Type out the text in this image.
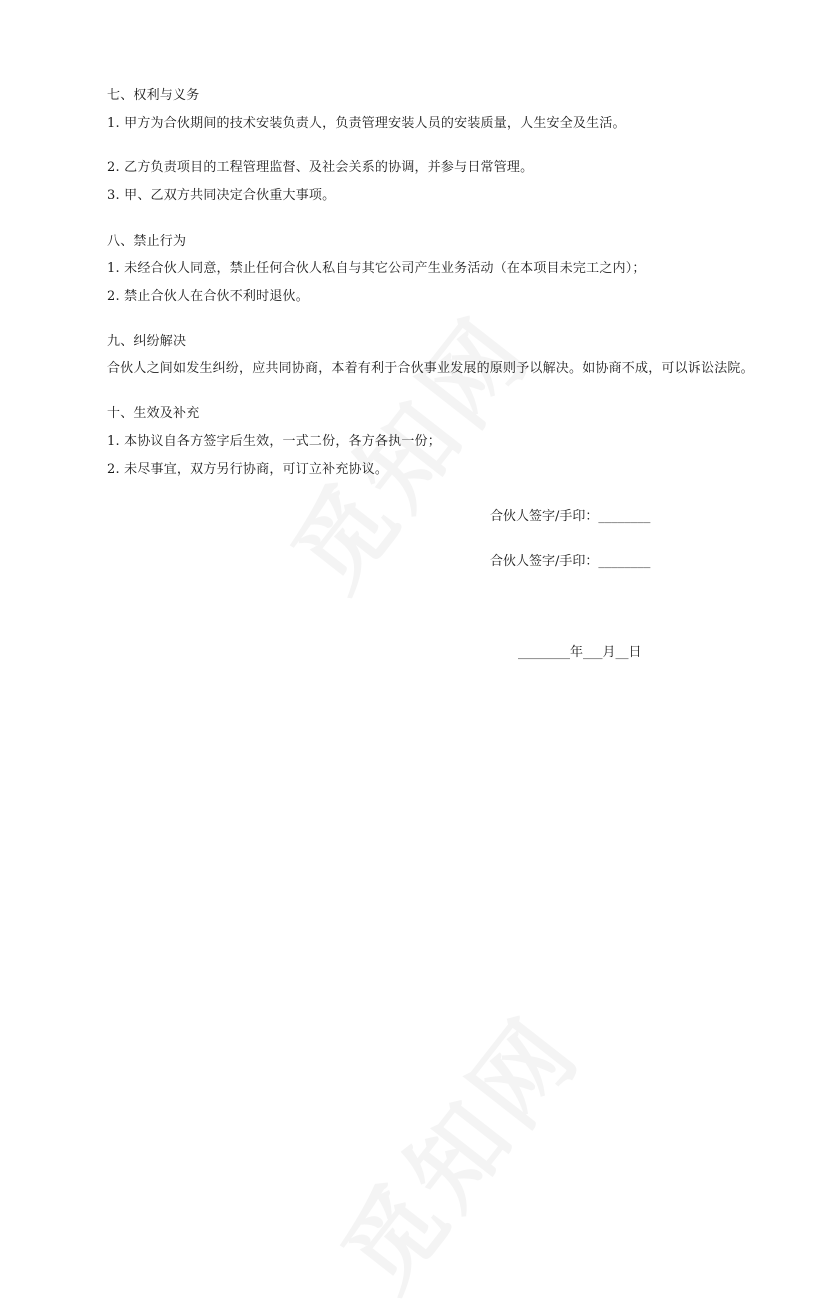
七、权利与义务
1. 甲方为合伙期间的技术安装负责人，负责管理安装人员的安装质量，人生安全及生活。
2. 乙方负责项目的工程管理监督、及社会关系的协调，并参与日常管理。
3. 甲、乙双方共同决定合伙重大事项。
八、禁止行为
1. 未经合伙人同意，禁止任何合伙人私自与其它公司产生业务活动（在本项目未完工之内）；
2. 禁止合伙人在合伙不利时退伙。
九、纠纷解决
合伙人之间如发生纠纷，应共同协商，本着有利于合伙事业发展的原则予以解决。如协商不成，可以诉讼法院。
十、生效及补充
1. 本协议自各方签字后生效，一式二份，各方各执一份；
2. 未尽事宜，双方另行协商，可订立补充协议。
合伙人签字/手印：________
合伙人签字/手印：________
________年___月__日
